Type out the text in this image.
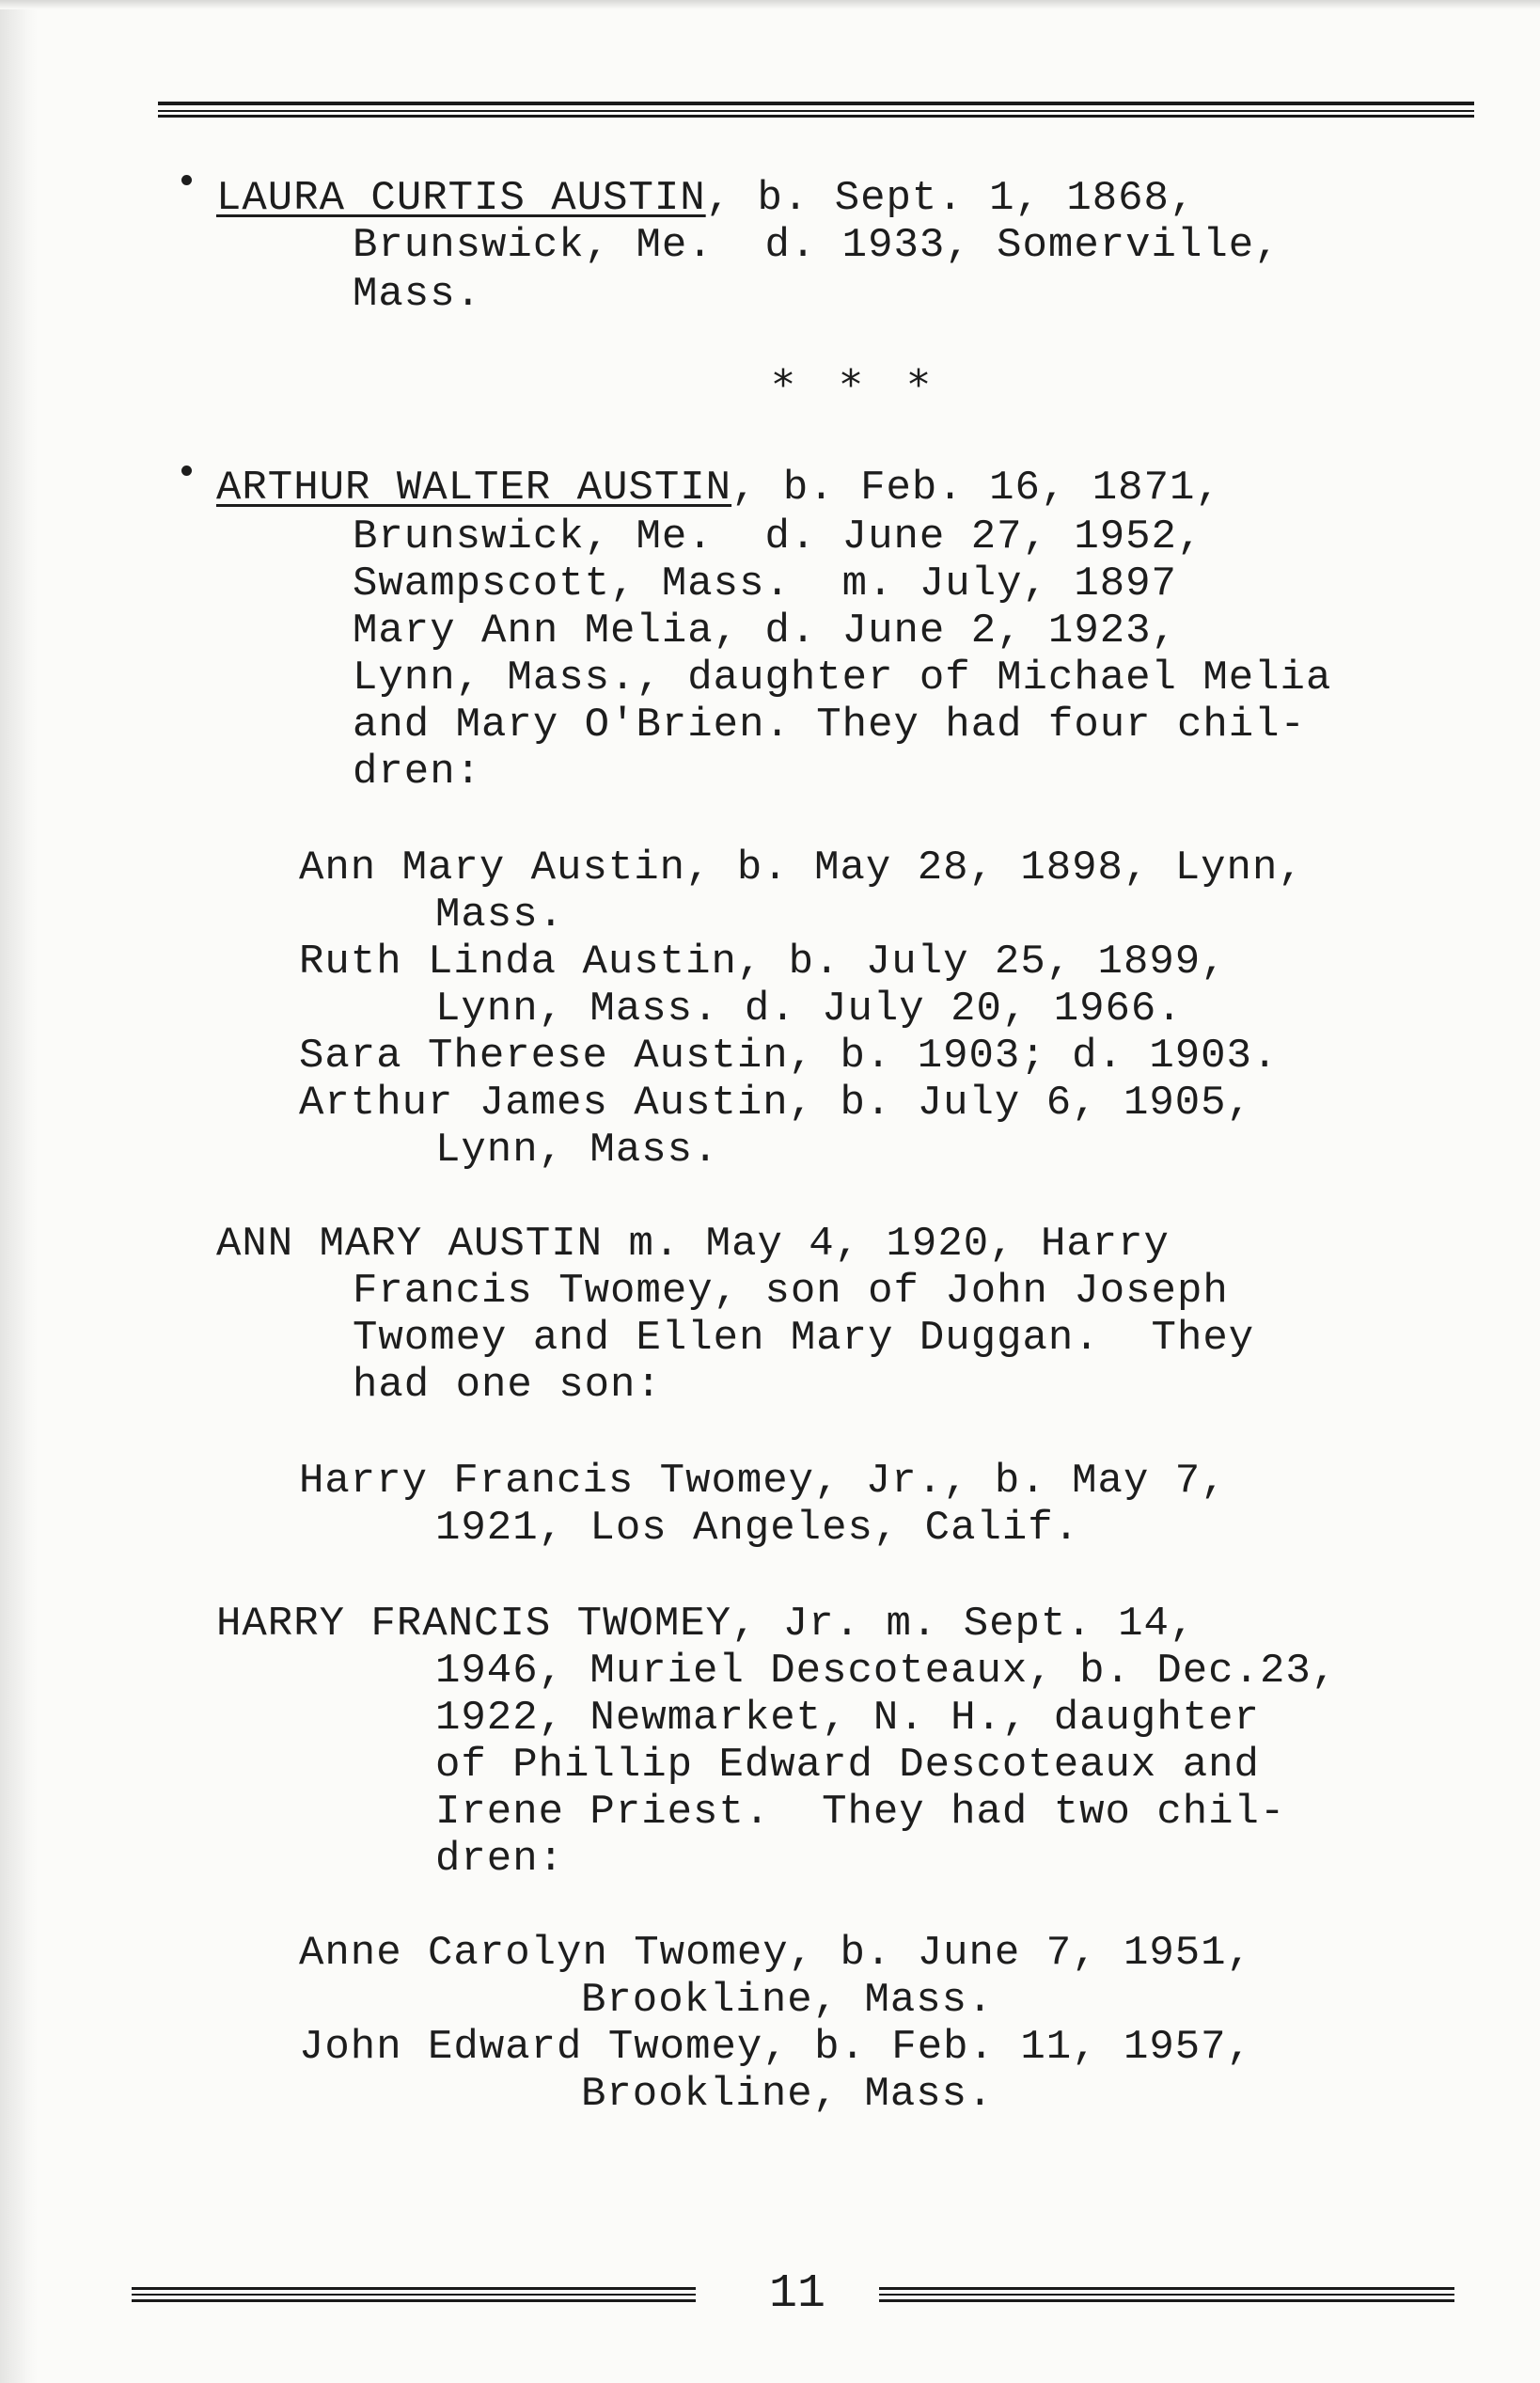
LAURA CURTIS AUSTIN, b. Sept. 1, 1868,
Brunswick, Me.  d. 1933, Somerville,
Mass.
* * *
ARTHUR WALTER AUSTIN, b. Feb. 16, 1871,
Brunswick, Me.  d. June 27, 1952,
Swampscott, Mass.  m. July, 1897
Mary Ann Melia, d. June 2, 1923,
Lynn, Mass., daughter of Michael Melia
and Mary O'Brien. They had four chil-
dren:
Ann Mary Austin, b. May 28, 1898, Lynn,
Mass.
Ruth Linda Austin, b. July 25, 1899,
Lynn, Mass. d. July 20, 1966.
Sara Therese Austin, b. 1903; d. 1903.
Arthur James Austin, b. July 6, 1905,
Lynn, Mass.
ANN MARY AUSTIN m. May 4, 1920, Harry
Francis Twomey, son of John Joseph
Twomey and Ellen Mary Duggan.  They
had one son:
Harry Francis Twomey, Jr., b. May 7,
1921, Los Angeles, Calif.
HARRY FRANCIS TWOMEY, Jr. m. Sept. 14,
1946, Muriel Descoteaux, b. Dec.23,
1922, Newmarket, N. H., daughter
of Phillip Edward Descoteaux and
Irene Priest.  They had two chil-
dren:
Anne Carolyn Twomey, b. June 7, 1951,
Brookline, Mass.
John Edward Twomey, b. Feb. 11, 1957,
Brookline, Mass.
11
